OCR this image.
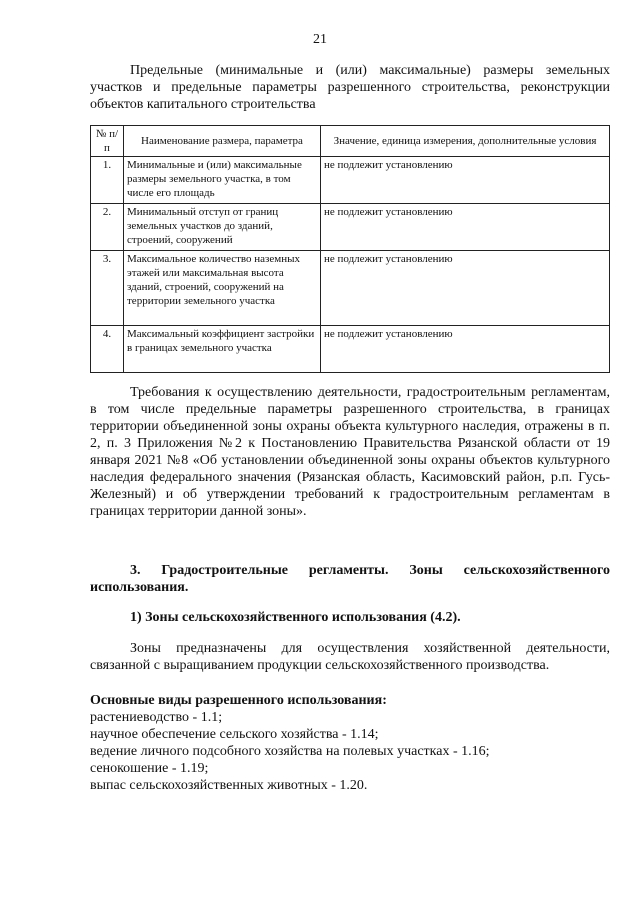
21

Предельные (минимальные и (или) максимальные) размеры земельных участков и предельные параметры разрешенного строительства, реконструкции объектов капитального строительства

№ п/п	Наименование размера, параметра	Значение, единица измерения, дополнительные условия
1.	Минимальные и (или) максимальные размеры земельного участка, в том числе его площадь	не подлежит установлению
2.	Минимальный отступ от границ земельных участков до зданий, строений, сооружений	не подлежит установлению
3.	Максимальное количество наземных этажей или максимальная высота зданий, строений, сооружений на территории земельного участка	не подлежит установлению
4.	Максимальный коэффициент застройки в границах земельного участка	не подлежит установлению

Требования к осуществлению деятельности, градостроительным регламентам, в том числе предельные параметры разрешенного строительства, в границах территории объединенной зоны охраны объекта культурного наследия, отражены в п. 2, п. 3 Приложения №2 к Постановлению Правительства Рязанской области от 19 января 2021 №8 «Об установлении объединенной зоны охраны объектов культурного наследия федерального значения (Рязанская область, Касимовский район, р.п. Гусь-Железный) и об утверждении требований к градостроительным регламентам в границах территории данной зоны».

3. Градостроительные регламенты. Зоны сельскохозяйственного использования.

1) Зоны сельскохозяйственного использования (4.2).

Зоны предназначены для осуществления хозяйственной деятельности, связанной с выращиванием продукции сельскохозяйственного производства.

Основные виды разрешенного использования:
растениеводство - 1.1;
научное обеспечение сельского хозяйства - 1.14;
ведение личного подсобного хозяйства на полевых участках - 1.16;
сенокошение - 1.19;
выпас сельскохозяйственных животных - 1.20.
